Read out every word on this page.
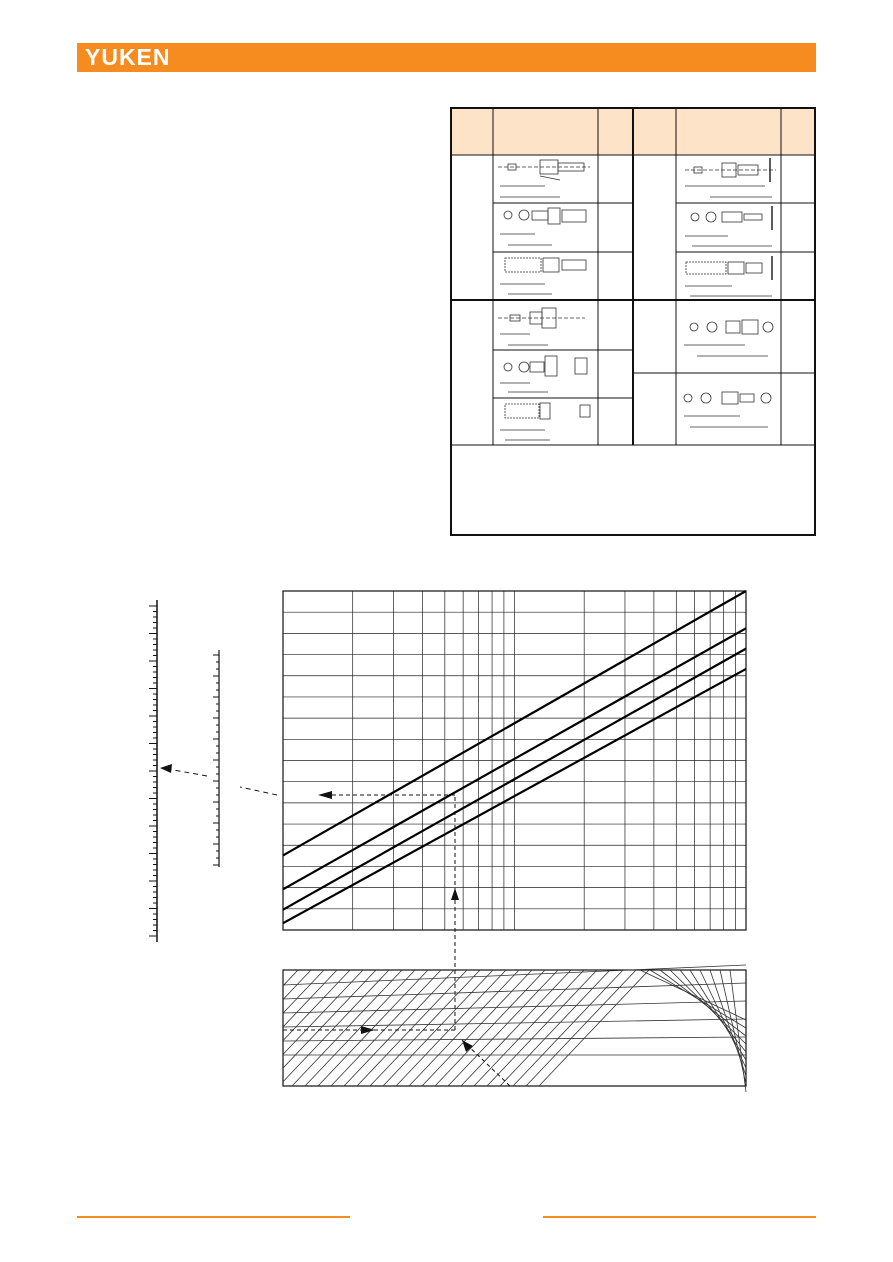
YUKEN
